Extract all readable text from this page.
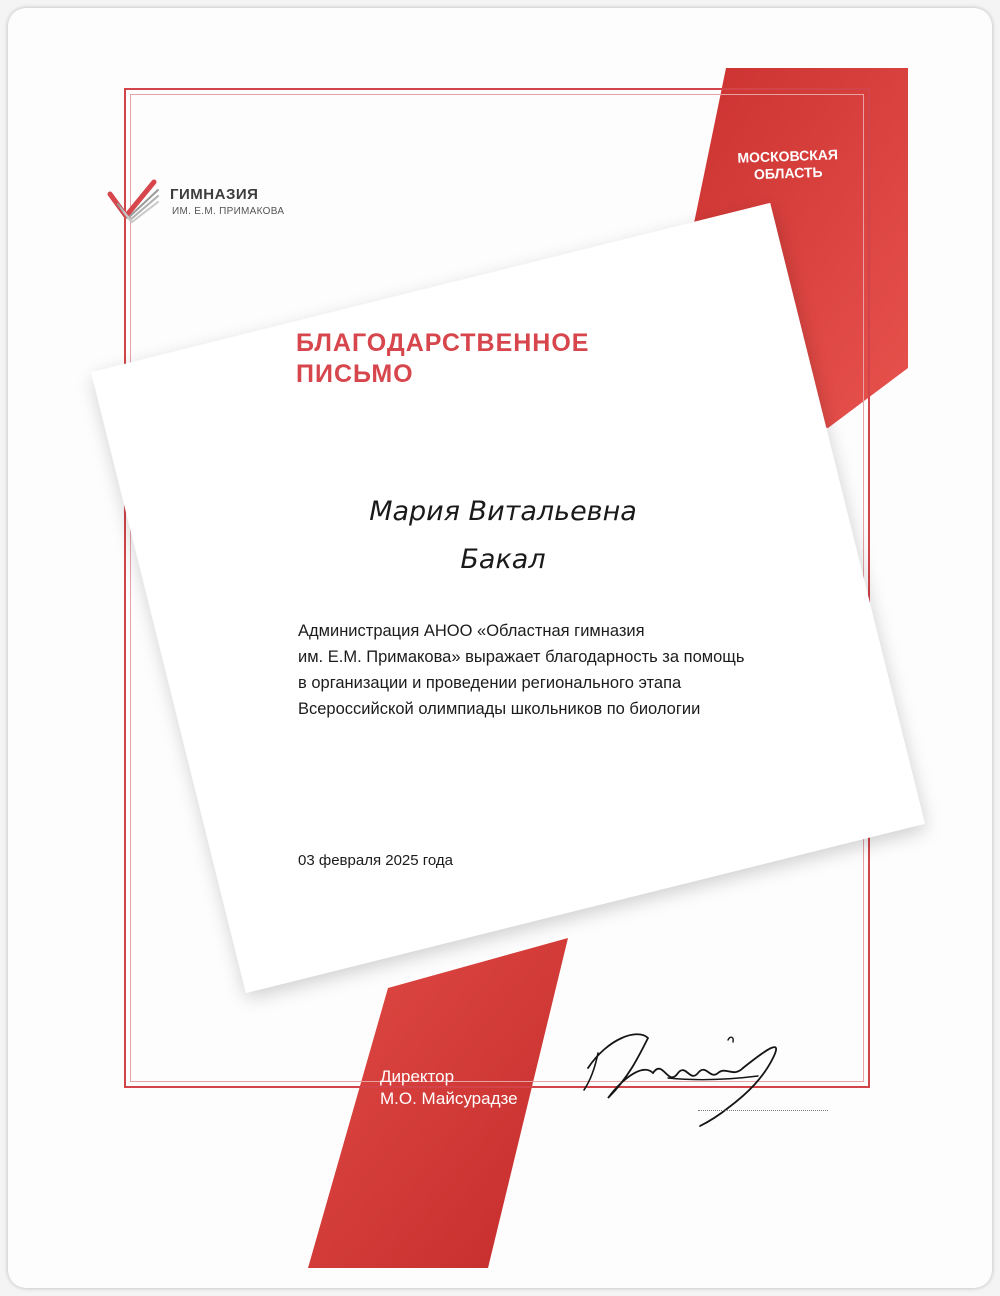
ГИМНАЗИЯ
ИМ. Е.М. ПРИМАКОВА
МОСКОВСКАЯ
ОБЛАСТЬ
БЛАГОДАРСТВЕННОЕ
ПИСЬМО
Мария Витальевна
Бакал
Администрация АНОО «Областная гимназия
им. Е.М. Примакова» выражает благодарность за помощь
в организации и проведении регионального этапа
Всероссийской олимпиады школьников по биологии
03 февраля 2025 года
Директор
М.О. Майсурадзе
